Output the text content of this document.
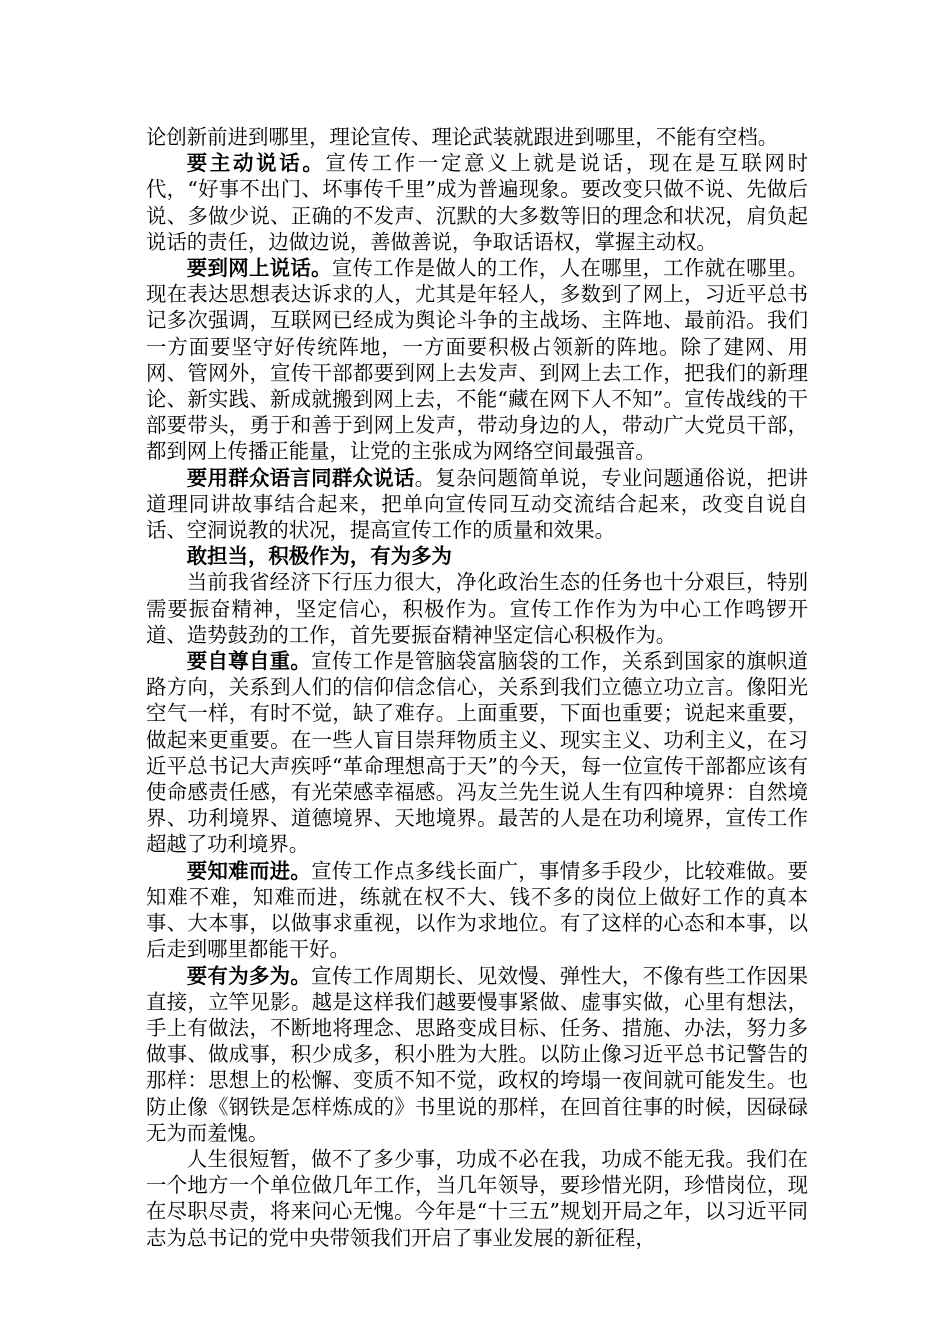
论创新前进到哪里，理论宣传、理论武装就跟进到哪里，不能有空档。

要主动说话。宣传工作一定意义上就是说话，现在是互联网时代，“好事不出门、坏事传千里”成为普遍现象。要改变只做不说、先做后说、多做少说、正确的不发声、沉默的大多数等旧的理念和状况，肩负起说话的责任，边做边说，善做善说，争取话语权，掌握主动权。

要到网上说话。宣传工作是做人的工作，人在哪里，工作就在哪里。现在表达思想表达诉求的人，尤其是年轻人，多数到了网上，习近平总书记多次强调，互联网已经成为舆论斗争的主战场、主阵地、最前沿。我们一方面要坚守好传统阵地，一方面要积极占领新的阵地。除了建网、用网、管网外，宣传干部都要到网上去发声、到网上去工作，把我们的新理论、新实践、新成就搬到网上去，不能“藏在网下人不知”。宣传战线的干部要带头，勇于和善于到网上发声，带动身边的人，带动广大党员干部，都到网上传播正能量，让党的主张成为网络空间最强音。

要用群众语言同群众说话。复杂问题简单说，专业问题通俗说，把讲道理同讲故事结合起来，把单向宣传同互动交流结合起来，改变自说自话、空洞说教的状况，提高宣传工作的质量和效果。

敢担当，积极作为，有为多为

当前我省经济下行压力很大，净化政治生态的任务也十分艰巨，特别需要振奋精神，坚定信心，积极作为。宣传工作作为为中心工作鸣锣开道、造势鼓劲的工作，首先要振奋精神坚定信心积极作为。

要自尊自重。宣传工作是管脑袋富脑袋的工作，关系到国家的旗帜道路方向，关系到人们的信仰信念信心，关系到我们立德立功立言。像阳光空气一样，有时不觉，缺了难存。上面重要，下面也重要；说起来重要，做起来更重要。在一些人盲目崇拜物质主义、现实主义、功利主义，在习近平总书记大声疾呼“革命理想高于天”的今天，每一位宣传干部都应该有使命感责任感，有光荣感幸福感。冯友兰先生说人生有四种境界：自然境界、功利境界、道德境界、天地境界。最苦的人是在功利境界，宣传工作超越了功利境界。

要知难而进。宣传工作点多线长面广，事情多手段少，比较难做。要知难不难，知难而进，练就在权不大、钱不多的岗位上做好工作的真本事、大本事，以做事求重视，以作为求地位。有了这样的心态和本事，以后走到哪里都能干好。

要有为多为。宣传工作周期长、见效慢、弹性大，不像有些工作因果直接，立竿见影。越是这样我们越要慢事紧做、虚事实做，心里有想法，手上有做法，不断地将理念、思路变成目标、任务、措施、办法，努力多做事、做成事，积少成多，积小胜为大胜。以防止像习近平总书记警告的那样：思想上的松懈、变质不知不觉，政权的垮塌一夜间就可能发生。也防止像《钢铁是怎样炼成的》书里说的那样，在回首往事的时候，因碌碌无为而羞愧。

人生很短暂，做不了多少事，功成不必在我，功成不能无我。我们在一个地方一个单位做几年工作，当几年领导，要珍惜光阴，珍惜岗位，现在尽职尽责，将来问心无愧。今年是“十三五”规划开局之年，以习近平同志为总书记的党中央带领我们开启了事业发展的新征程，
